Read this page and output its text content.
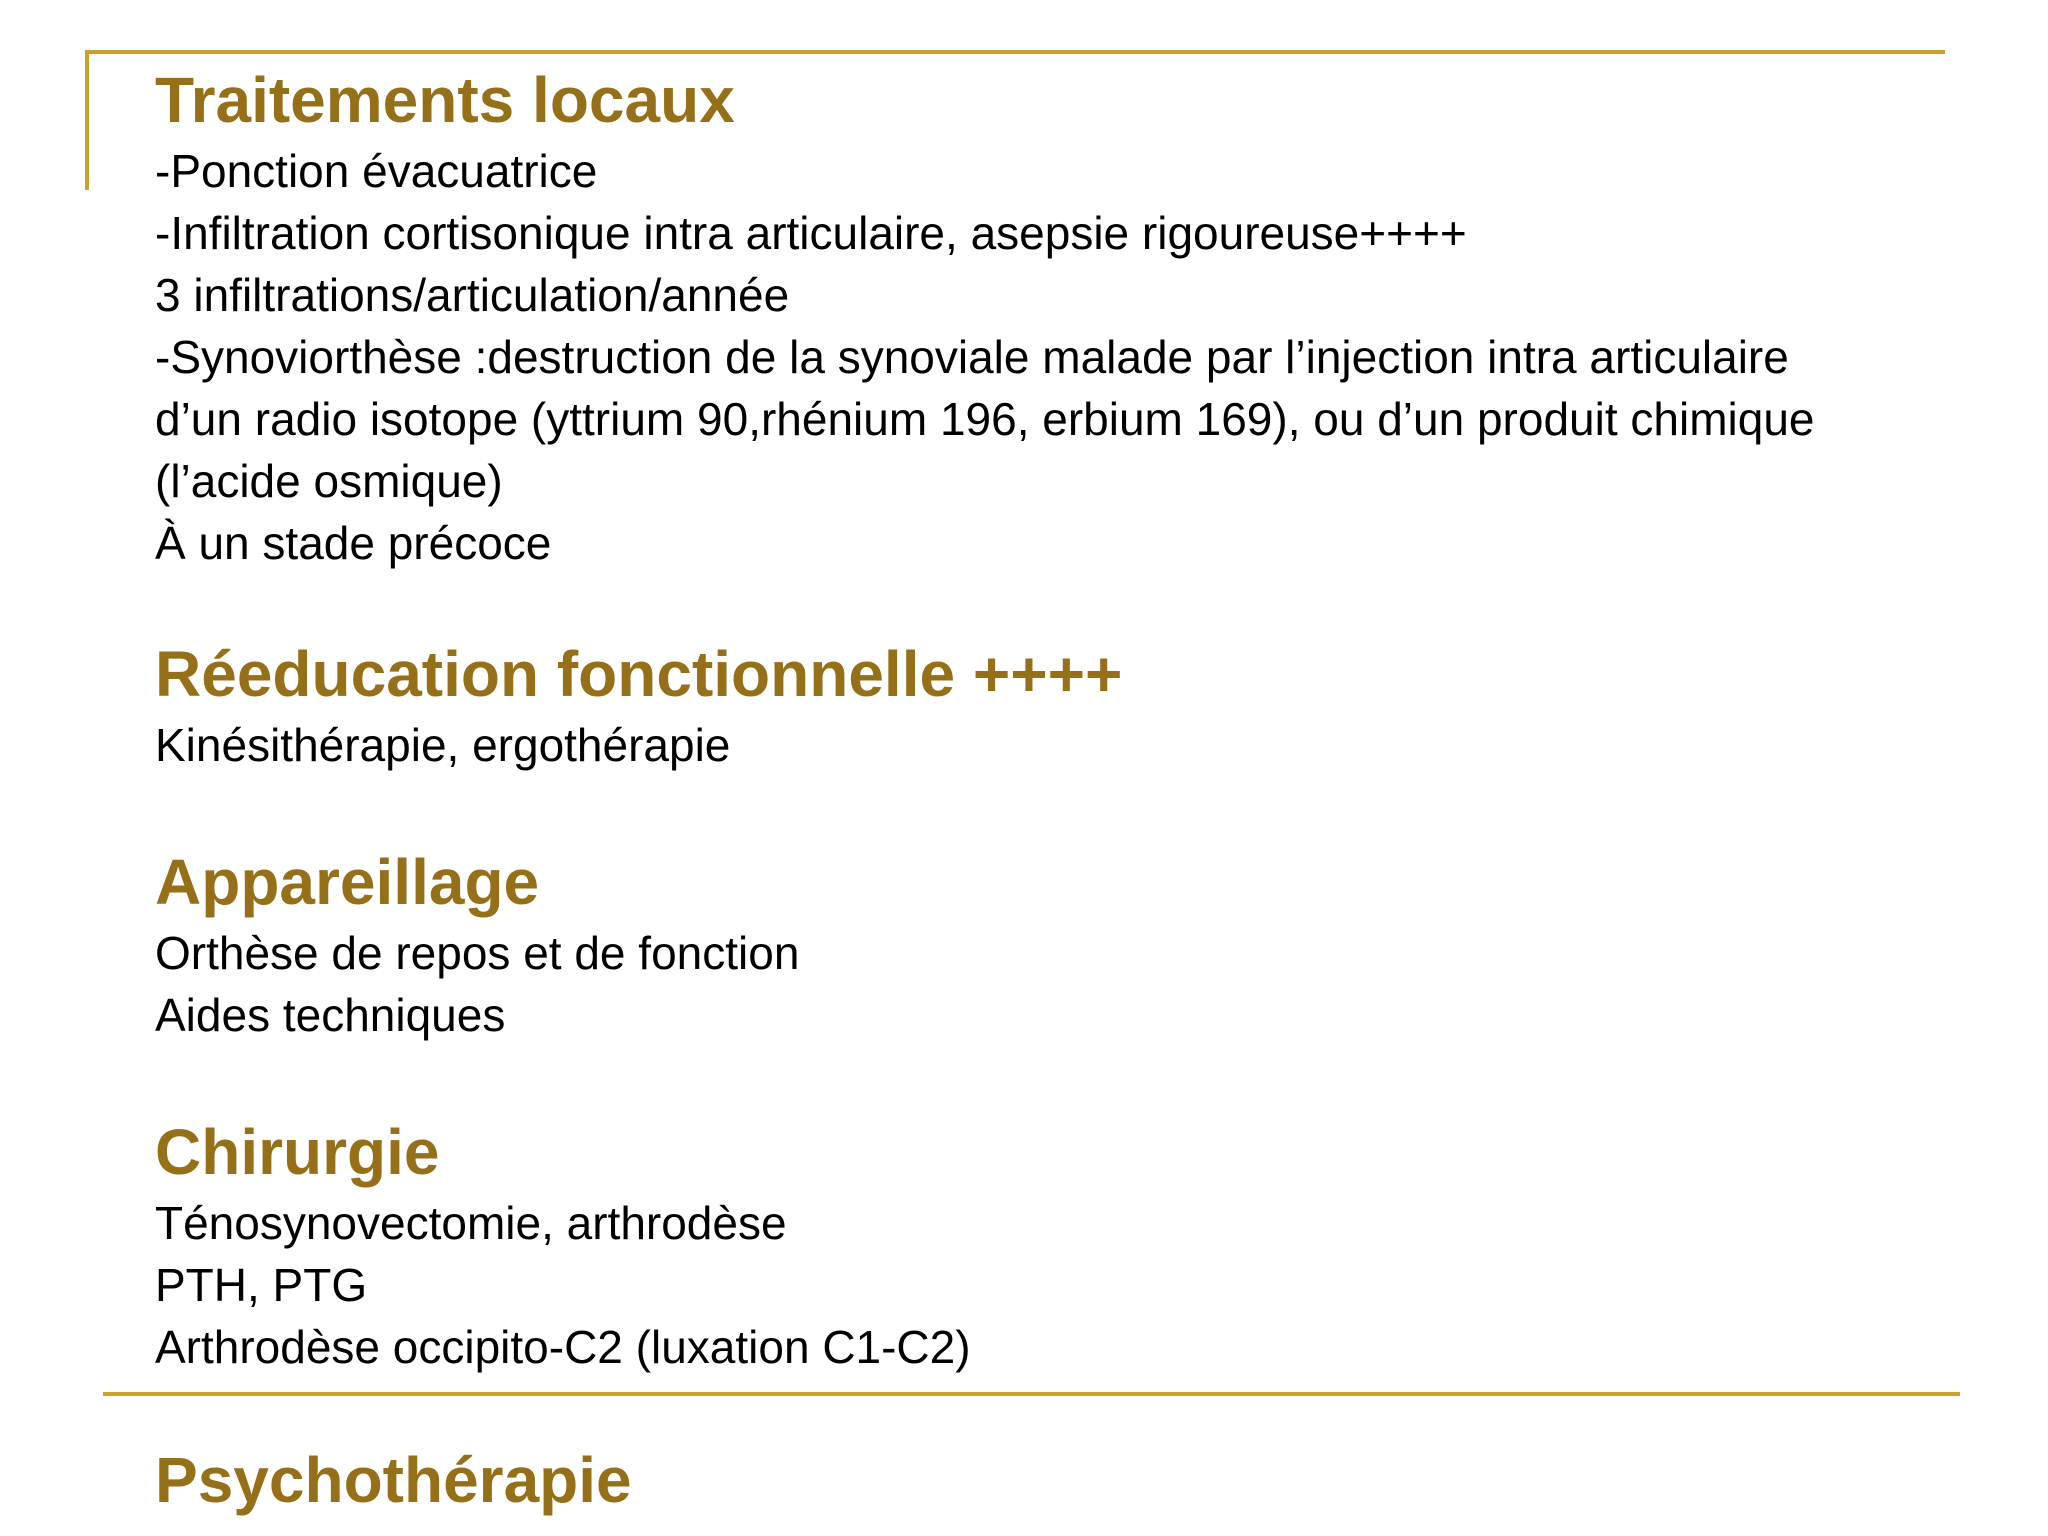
Traitements locaux

-Ponction évacuatrice

-Infiltration cortisonique intra articulaire, asepsie rigoureuse++++

3 infiltrations/articulation/année

-Synoviorthèse :destruction de la synoviale malade par l’injection intra articulaire

d’un radio isotope (yttrium 90,rhénium 196, erbium 169), ou d’un produit chimique

(l’acide osmique)

À un stade précoce

Réeducation fonctionnelle ++++

Kinésithérapie, ergothérapie

Appareillage

Orthèse de repos et de fonction

Aides techniques

Chirurgie

Ténosynovectomie, arthrodèse

PTH, PTG

Arthrodèse occipito-C2 (luxation C1-C2)

Psychothérapie
